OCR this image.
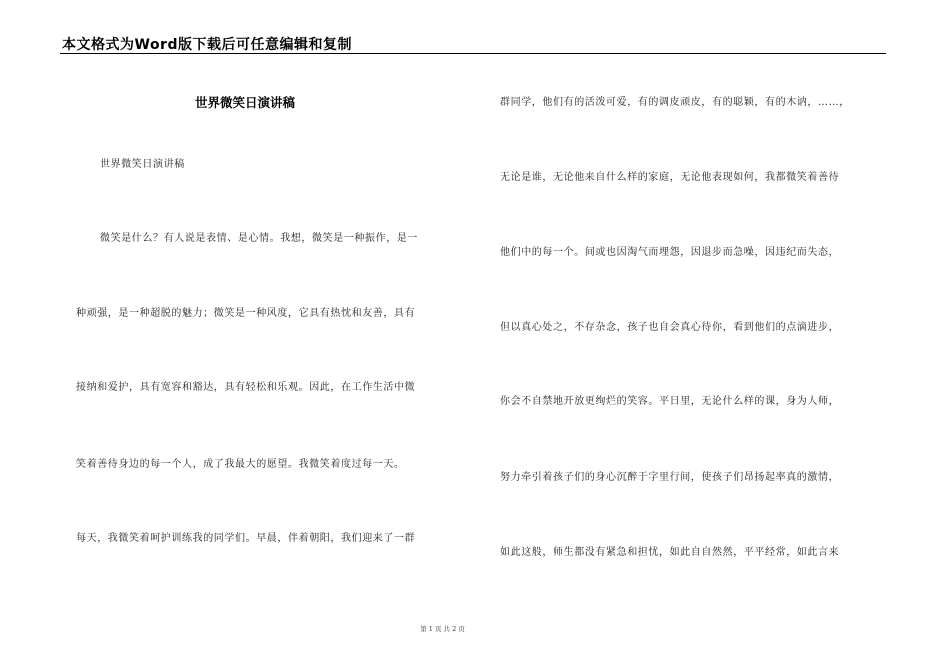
本文格式为Word版下载后可任意编辑和复制
世界微笑日演讲稿
世界微笑日演讲稿
微笑是什么？有人说是表情、是心情。我想，微笑是一种振作，是一
种顽强，是一种超脱的魅力；微笑是一种风度，它具有热忱和友善，具有
接纳和爱护，具有宽容和豁达，具有轻松和乐观。因此，在工作生活中微
笑着善待身边的每一个人，成了我最大的愿望。我微笑着度过每一天。
每天，我微笑着呵护训练我的同学们。早晨，伴着朝阳，我们迎来了一群
群同学，他们有的活泼可爱，有的调皮顽皮，有的聪颖，有的木讷，……，
无论是谁，无论他来自什么样的家庭，无论他表现如何，我都微笑着善待
他们中的每一个。间或也因淘气而埋怨，因退步而急噪，因违纪而失态，
但以真心处之，不存杂念，孩子也自会真心待你，看到他们的点滴进步，
你会不自禁地开放更绚烂的笑容。平日里，无论什么样的课，身为人师，
努力牵引着孩子们的身心沉醉于字里行间，使孩子们昂扬起率真的激情，
如此这般，师生都没有紧急和担忧，如此自自然然，平平经常，如此言来
第 1 页 共 2 页
